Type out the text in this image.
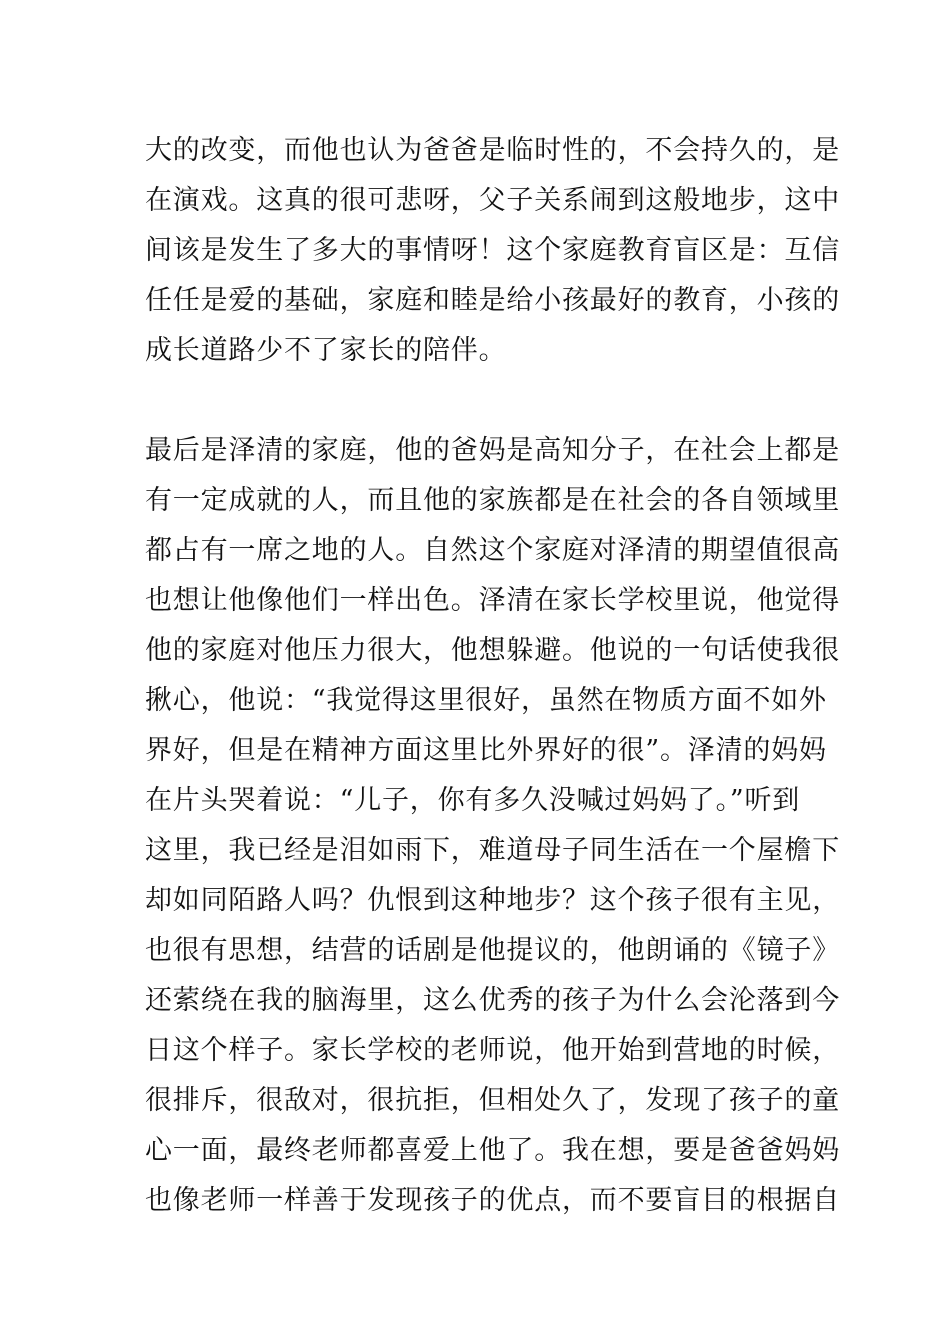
大的改变，而他也认为爸爸是临时性的，不会持久的，是
在演戏。这真的很可悲呀，父子关系闹到这般地步，这中
间该是发生了多大的事情呀！这个家庭教育盲区是：互信
任任是爱的基础，家庭和睦是给小孩最好的教育，小孩的
成长道路少不了家长的陪伴。
最后是泽清的家庭，他的爸妈是高知分子，在社会上都是
有一定成就的人，而且他的家族都是在社会的各自领域里
都占有一席之地的人。自然这个家庭对泽清的期望值很高
也想让他像他们一样出色。泽清在家长学校里说，他觉得
他的家庭对他压力很大，他想躲避。他说的一句话使我很
揪心，他说：“我觉得这里很好，虽然在物质方面不如外
界好，但是在精神方面这里比外界好的很”。泽清的妈妈
在片头哭着说：“儿子，你有多久没喊过妈妈了。”听到
这里，我已经是泪如雨下，难道母子同生活在一个屋檐下
却如同陌路人吗？仇恨到这种地步？这个孩子很有主见，
也很有思想，结营的话剧是他提议的，他朗诵的《镜子》
还萦绕在我的脑海里，这么优秀的孩子为什么会沦落到今
日这个样子。家长学校的老师说，他开始到营地的时候，
很排斥，很敌对，很抗拒，但相处久了，发现了孩子的童
心一面，最终老师都喜爱上他了。我在想，要是爸爸妈妈
也像老师一样善于发现孩子的优点，而不要盲目的根据自
